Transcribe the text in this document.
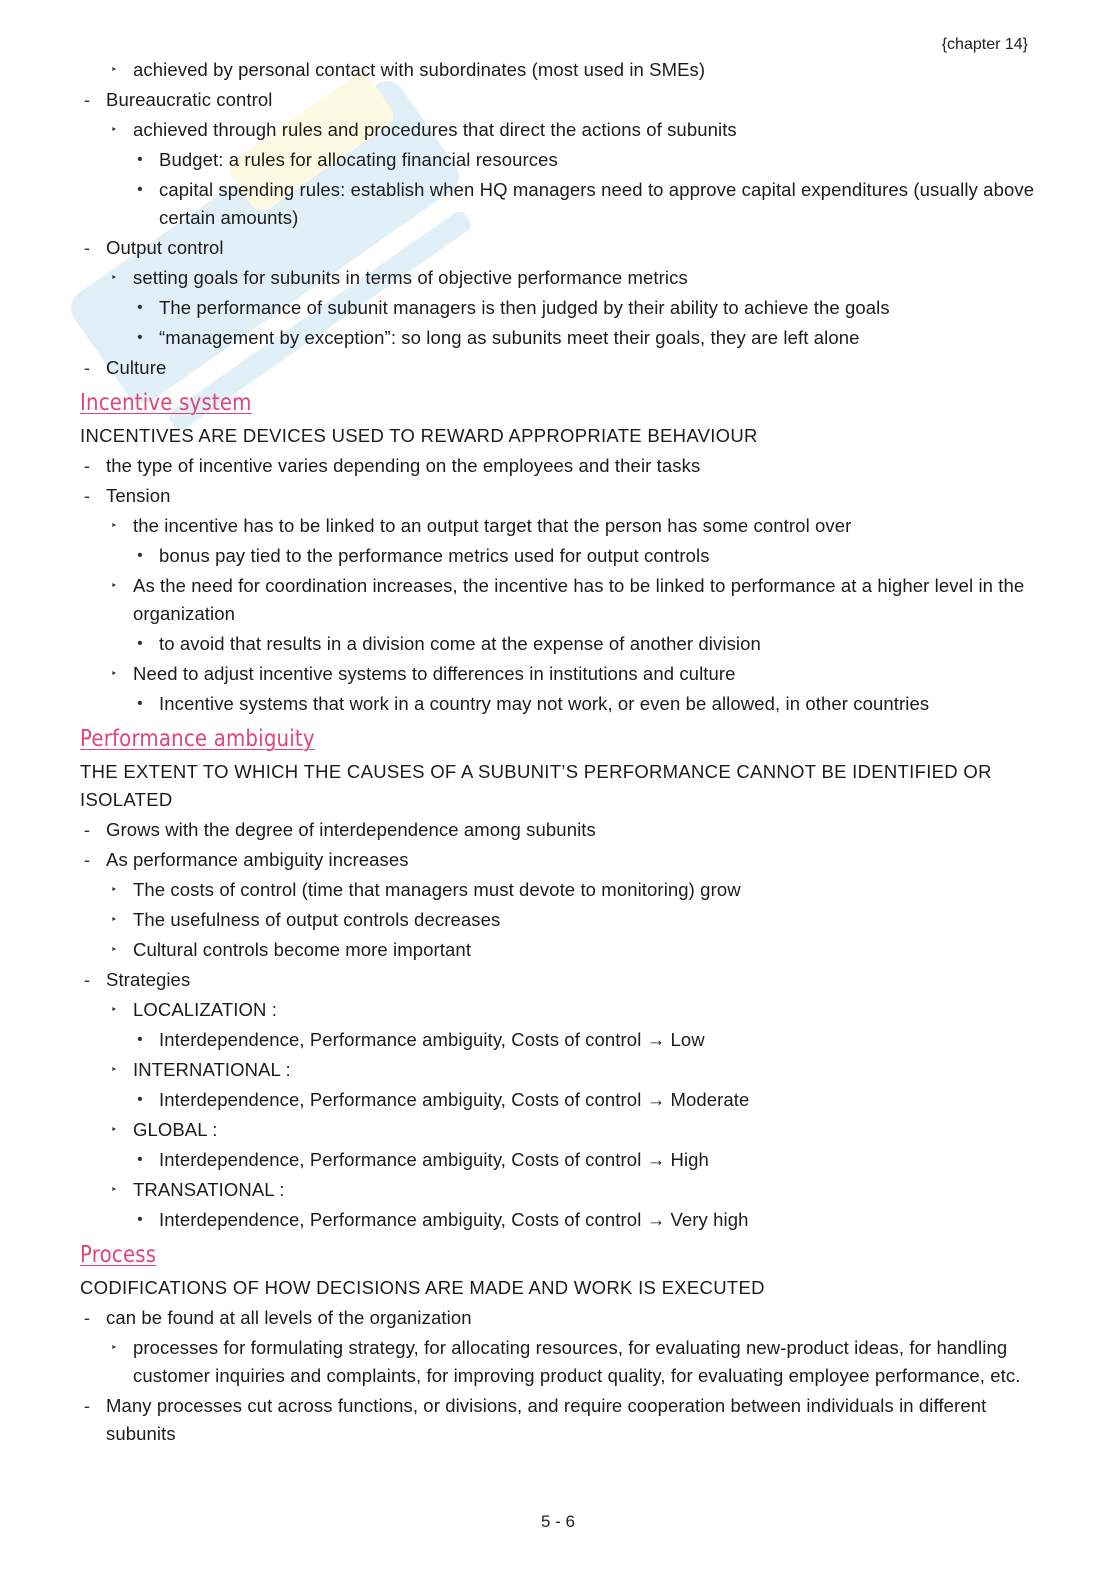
{chapter 14}
‣ achieved by personal contact with subordinates (most used in SMEs)
- Bureaucratic control
‣ achieved through rules and procedures that direct the actions of subunits
• Budget: a rules for allocating financial resources
• capital spending rules: establish when HQ managers need to approve capital expenditures (usually above certain amounts)
- Output control
‣ setting goals for subunits in terms of objective performance metrics
• The performance of subunit managers is then judged by their ability to achieve the goals
• “management by exception”: so long as subunits meet their goals, they are left alone
- Culture
Incentive system
INCENTIVES ARE DEVICES USED TO REWARD APPROPRIATE BEHAVIOUR
- the type of incentive varies depending on the employees and their tasks
- Tension
‣ the incentive has to be linked to an output target that the person has some control over
• bonus pay tied to the performance metrics used for output controls
‣ As the need for coordination increases, the incentive has to be linked to performance at a higher level in the organization
• to avoid that results in a division come at the expense of another division
‣ Need to adjust incentive systems to differences in institutions and culture
• Incentive systems that work in a country may not work, or even be allowed, in other countries
Performance ambiguity
THE EXTENT TO WHICH THE CAUSES OF A SUBUNIT’S PERFORMANCE CANNOT BE IDENTIFIED OR ISOLATED
- Grows with the degree of interdependence among subunits
- As performance ambiguity increases
‣ The costs of control (time that managers must devote to monitoring) grow
‣ The usefulness of output controls decreases
‣ Cultural controls become more important
- Strategies
‣ LOCALIZATION :
• Interdependence, Performance ambiguity, Costs of control → Low
‣ INTERNATIONAL :
• Interdependence, Performance ambiguity, Costs of control → Moderate
‣ GLOBAL :
• Interdependence, Performance ambiguity, Costs of control → High
‣ TRANSATIONAL :
• Interdependence, Performance ambiguity, Costs of control → Very high
Process
CODIFICATIONS OF HOW DECISIONS ARE MADE AND WORK IS EXECUTED
- can be found at all levels of the organization
‣ processes for formulating strategy, for allocating resources, for evaluating new-product ideas, for handling customer inquiries and complaints, for improving product quality, for evaluating employee performance, etc.
- Many processes cut across functions, or divisions, and require cooperation between individuals in different subunits
5 - 6
